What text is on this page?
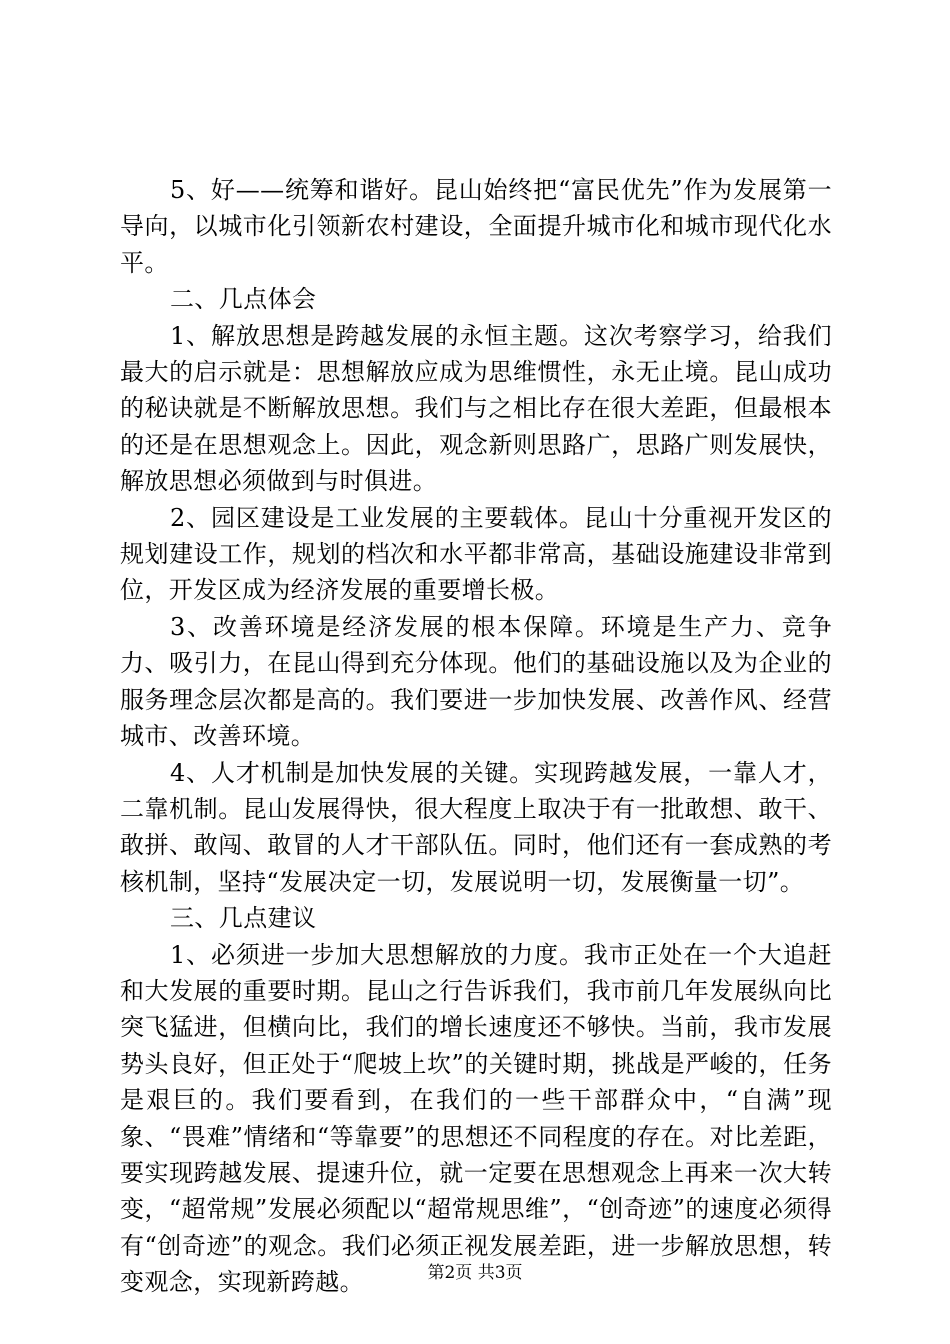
5、好——统筹和谐好。昆山始终把“富民优先”作为发展第一导向，以城市化引领新农村建设，全面提升城市化和城市现代化水平。

二、几点体会

1、解放思想是跨越发展的永恒主题。这次考察学习，给我们最大的启示就是：思想解放应成为思维惯性，永无止境。昆山成功的秘诀就是不断解放思想。我们与之相比存在很大差距，但最根本的还是在思想观念上。因此，观念新则思路广，思路广则发展快，解放思想必须做到与时俱进。

2、园区建设是工业发展的主要载体。昆山十分重视开发区的规划建设工作，规划的档次和水平都非常高，基础设施建设非常到位，开发区成为经济发展的重要增长极。

3、改善环境是经济发展的根本保障。环境是生产力、竞争力、吸引力，在昆山得到充分体现。他们的基础设施以及为企业的服务理念层次都是高的。我们要进一步加快发展、改善作风、经营城市、改善环境。

4、人才机制是加快发展的关键。实现跨越发展，一靠人才，二靠机制。昆山发展得快，很大程度上取决于有一批敢想、敢干、敢拼、敢闯、敢冒的人才干部队伍。同时，他们还有一套成熟的考核机制，坚持“发展决定一切，发展说明一切，发展衡量一切”。

三、几点建议

1、必须进一步加大思想解放的力度。我市正处在一个大追赶和大发展的重要时期。昆山之行告诉我们，我市前几年发展纵向比突飞猛进，但横向比，我们的增长速度还不够快。当前，我市发展势头良好，但正处于“爬坡上坎”的关键时期，挑战是严峻的，任务是艰巨的。我们要看到，在我们的一些干部群众中，“自满”现象、“畏难”情绪和“等靠要”的思想还不同程度的存在。对比差距，要实现跨越发展、提速升位，就一定要在思想观念上再来一次大转变，“超常规”发展必须配以“超常规思维”，“创奇迹”的速度必须得有“创奇迹”的观念。我们必须正视发展差距，进一步解放思想，转变观念，实现新跨越。	第2页 共3页
